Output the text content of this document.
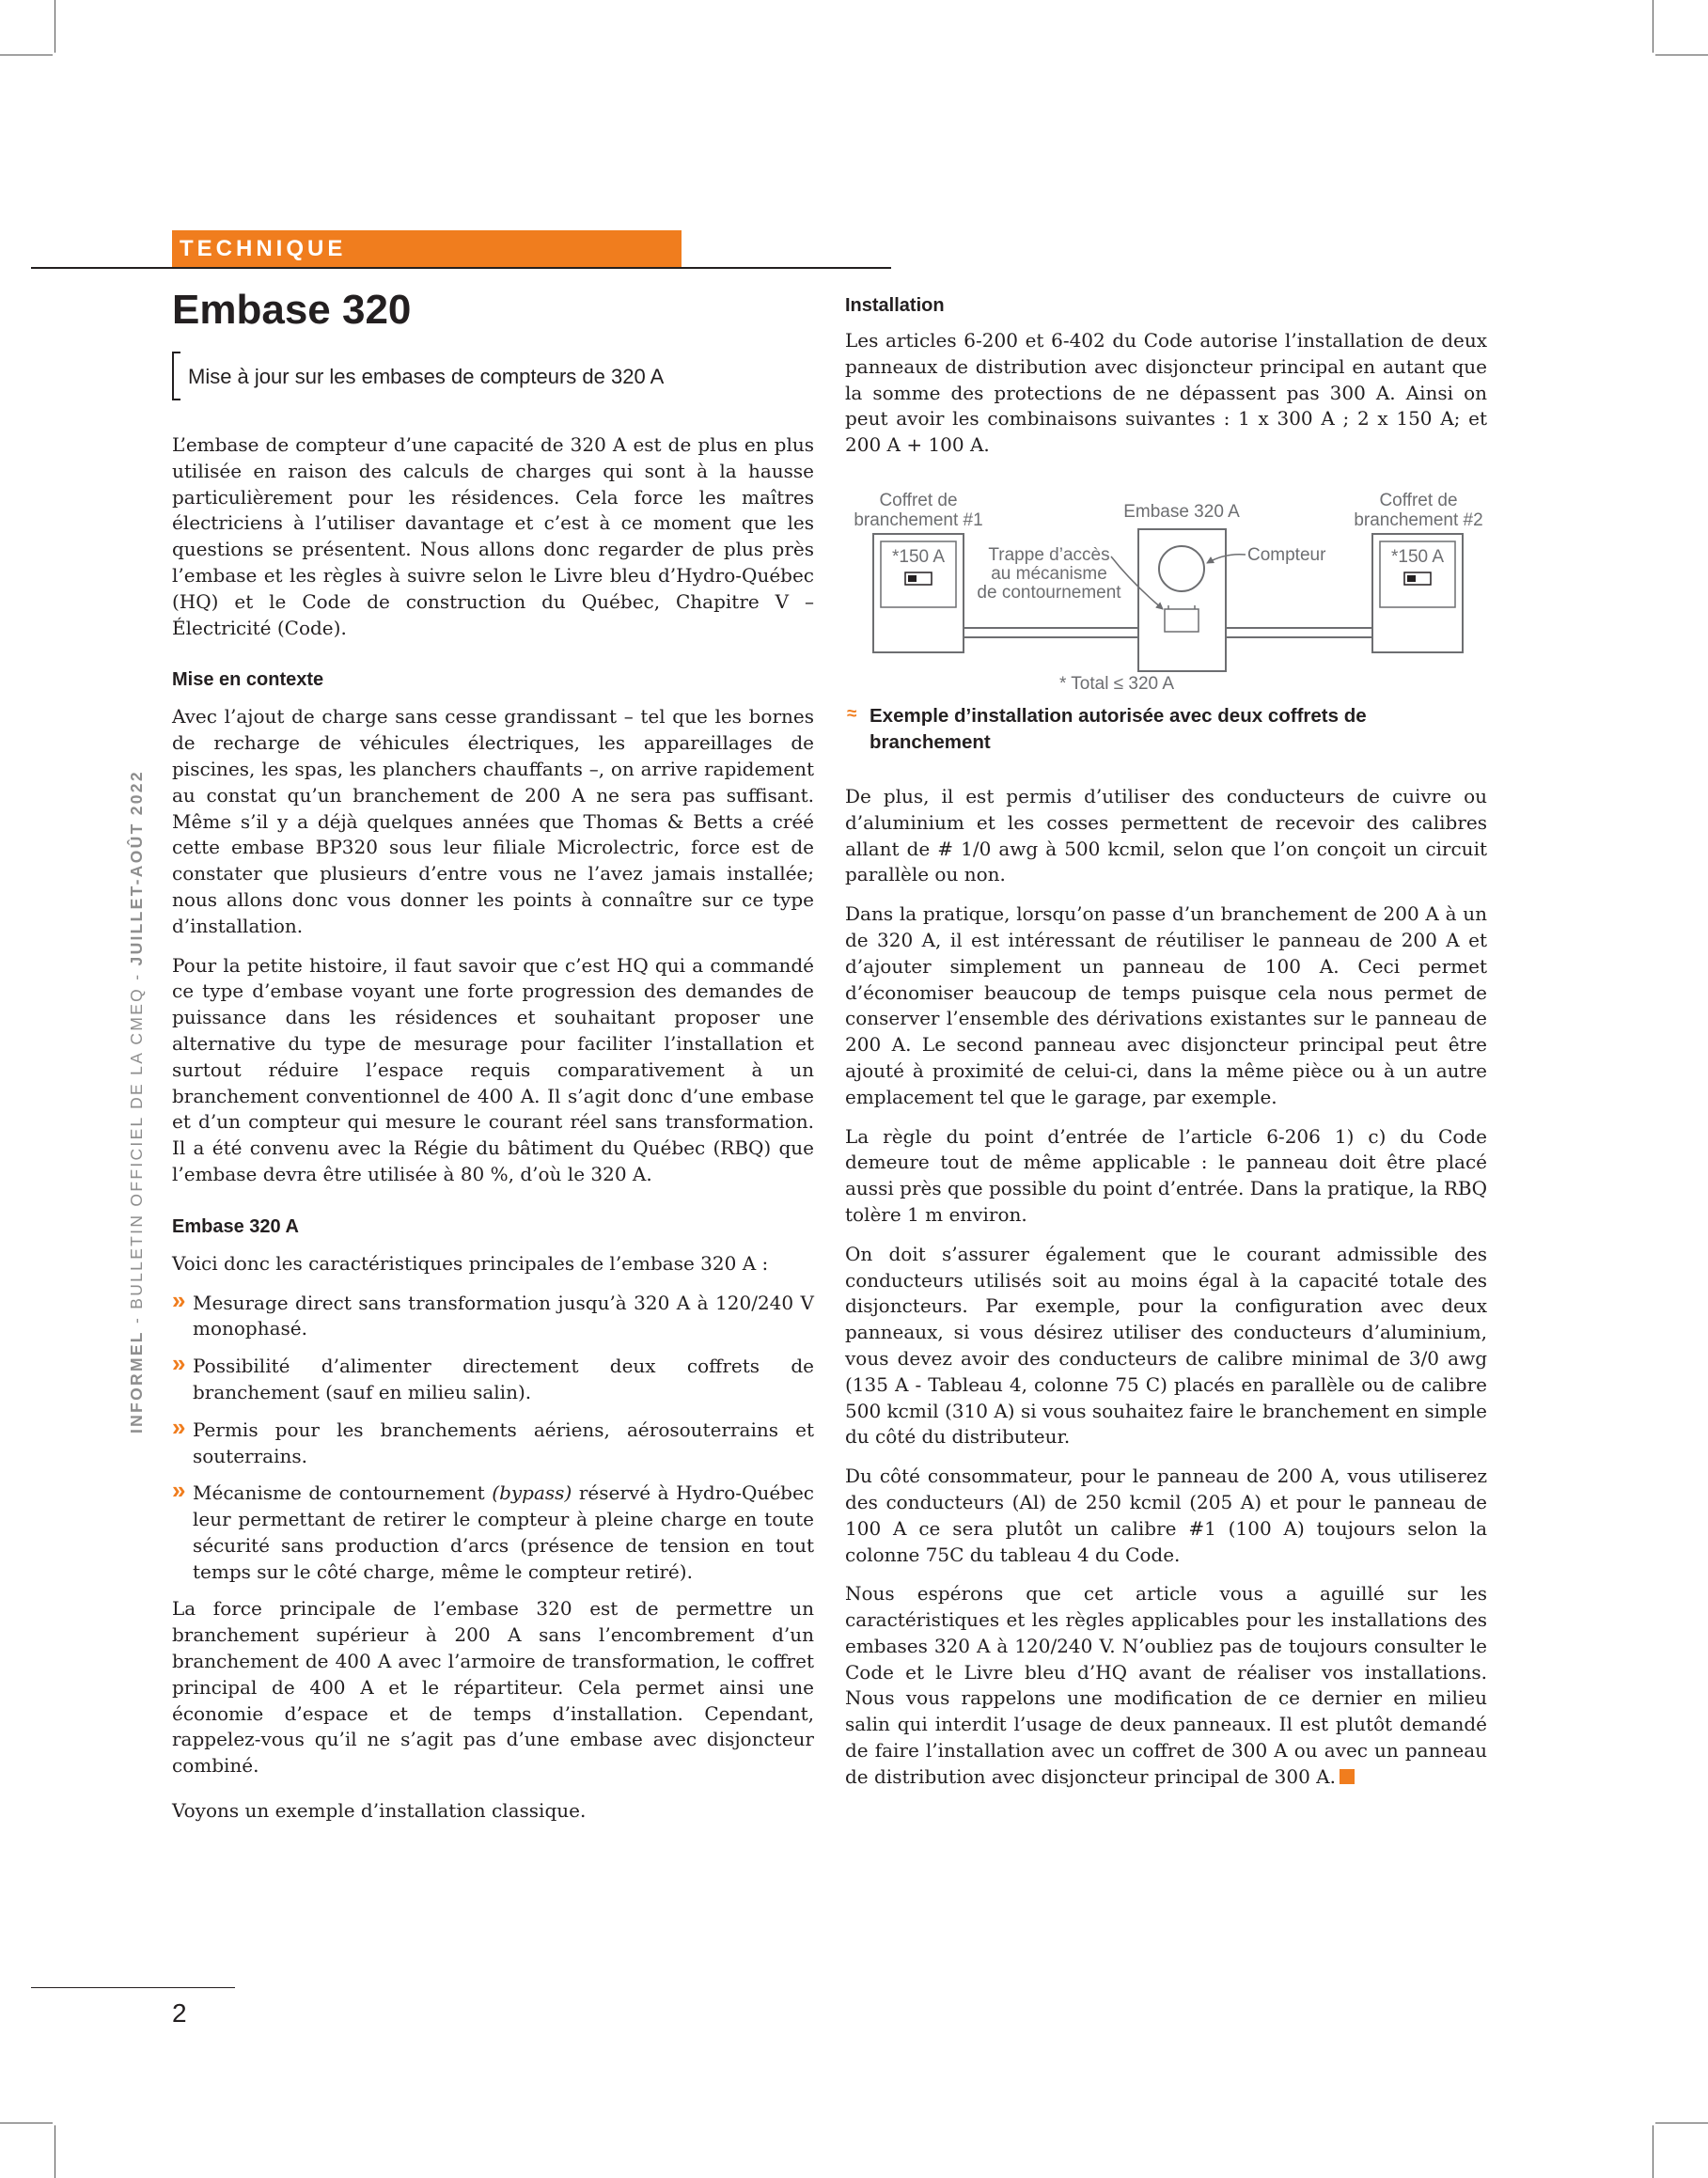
TECHNIQUE
INFORMEL - BULLETIN OFFICIEL DE LA CMEQ - JUILLET-AOÛT 2022
Embase 320
Mise à jour sur les embases de compteurs de 320 A

L’embase de compteur d’une capacité de 320 A est de plus en plus utilisée en raison des calculs de charges qui sont à la hausse particulièrement pour les résidences. Cela force les maîtres électriciens à l’utiliser davantage et c’est à ce moment que les questions se présentent. Nous allons donc regarder de plus près l’embase et les règles à suivre selon le Livre bleu d’Hydro-Québec (HQ) et le Code de construction du Québec, Chapitre V – Électricité (Code).

Mise en contexte

Avec l’ajout de charge sans cesse grandissant – tel que les bornes de recharge de véhicules électriques, les appareillages de piscines, les spas, les planchers chauffants –, on arrive rapidement au constat qu’un branchement de 200 A ne sera pas suffisant. Même s’il y a déjà quelques années que Thomas & Betts a créé cette embase BP320 sous leur filiale Microlectric, force est de constater que plusieurs d’entre vous ne l’avez jamais installée; nous allons donc vous donner les points à connaître sur ce type d’installation.

Pour la petite histoire, il faut savoir que c’est HQ qui a commandé ce type d’embase voyant une forte progression des demandes de puissance dans les résidences et souhaitant proposer une alternative du type de mesurage pour faciliter l’installation et surtout réduire l’espace requis comparativement à un branchement conventionnel de 400 A. Il s’agit donc d’une embase et d’un compteur qui mesure le courant réel sans transformation. Il a été convenu avec la Régie du bâtiment du Québec (RBQ) que l’embase devra être utilisée à 80 %, d’où le 320 A.

Embase 320 A

Voici donc les caractéristiques principales de l’embase 320 A :

» Mesurage direct sans transformation jusqu’à 320 A à 120/240 V monophasé.
» Possibilité d’alimenter directement deux coffrets de branchement (sauf en milieu salin).
» Permis pour les branchements aériens, aérosouterrains et souterrains.
» Mécanisme de contournement (bypass) réservé à Hydro-Québec leur permettant de retirer le compteur à pleine charge en toute sécurité sans production d’arcs (présence de tension en tout temps sur le côté charge, même le compteur retiré).

La force principale de l’embase 320 est de permettre un branchement supérieur à 200 A sans l’encombrement d’un branchement de 400 A avec l’armoire de transformation, le coffret principal de 400 A et le répartiteur. Cela permet ainsi une économie d’espace et de temps d’installation. Cependant, rappelez-vous qu’il ne s’agit pas d’une embase avec disjoncteur combiné.

Voyons un exemple d’installation classique.

Installation

Les articles 6-200 et 6-402 du Code autorise l’installation de deux panneaux de distribution avec disjoncteur principal en autant que la somme des protections de ne dépassent pas 300 A. Ainsi on peut avoir les combinaisons suivantes : 1 x 300 A ; 2 x 150 A; et 200 A + 100 A.

Coffret de
branchement #1	Embase 320 A
Coffret de
branchement #2
*150 A	*150 A
Trappe d’accès
au mécanisme
de contournement
Compteur
* Total ≤ 320 A
≈ Exemple d’installation autorisée avec deux coffrets de branchement

De plus, il est permis d’utiliser des conducteurs de cuivre ou d’aluminium et les cosses permettent de recevoir des calibres allant de # 1/0 awg à 500 kcmil, selon que l’on conçoit un circuit parallèle ou non.

Dans la pratique, lorsqu’on passe d’un branchement de 200 A à un de 320 A, il est intéressant de réutiliser le panneau de 200 A et d’ajouter simplement un panneau de 100 A. Ceci permet d’économiser beaucoup de temps puisque cela nous permet de conserver l’ensemble des dérivations existantes sur le panneau de 200 A. Le second panneau avec disjoncteur principal peut être ajouté à proximité de celui-ci, dans la même pièce ou à un autre emplacement tel que le garage, par exemple.

La règle du point d’entrée de l’article 6-206 1) c) du Code demeure tout de même applicable : le panneau doit être placé aussi près que possible du point d’entrée. Dans la pratique, la RBQ tolère 1 m environ.

On doit s’assurer également que le courant admissible des conducteurs utilisés soit au moins égal à la capacité totale des disjoncteurs. Par exemple, pour la configuration avec deux panneaux, si vous désirez utiliser des conducteurs d’aluminium, vous devez avoir des conducteurs de calibre minimal de 3/0 awg (135 A - Tableau 4, colonne 75 C) placés en parallèle ou de calibre 500 kcmil (310 A) si vous souhaitez faire le branchement en simple du côté du distributeur.

Du côté consommateur, pour le panneau de 200 A, vous utiliserez des conducteurs (Al) de 250 kcmil (205 A) et pour le panneau de 100 A ce sera plutôt un calibre #1 (100 A) toujours selon la colonne 75C du tableau 4 du Code.

Nous espérons que cet article vous a aguillé sur les caractéristiques et les règles applicables pour les installations des embases 320 A à 120/240 V. N’oubliez pas de toujours consulter le Code et le Livre bleu d’HQ avant de réaliser vos installations. Nous vous rappelons une modification de ce dernier en milieu salin qui interdit l’usage de deux panneaux. Il est plutôt demandé de faire l’installation avec un coffret de 300 A ou avec un panneau de distribution avec disjoncteur principal de 300 A.

2
